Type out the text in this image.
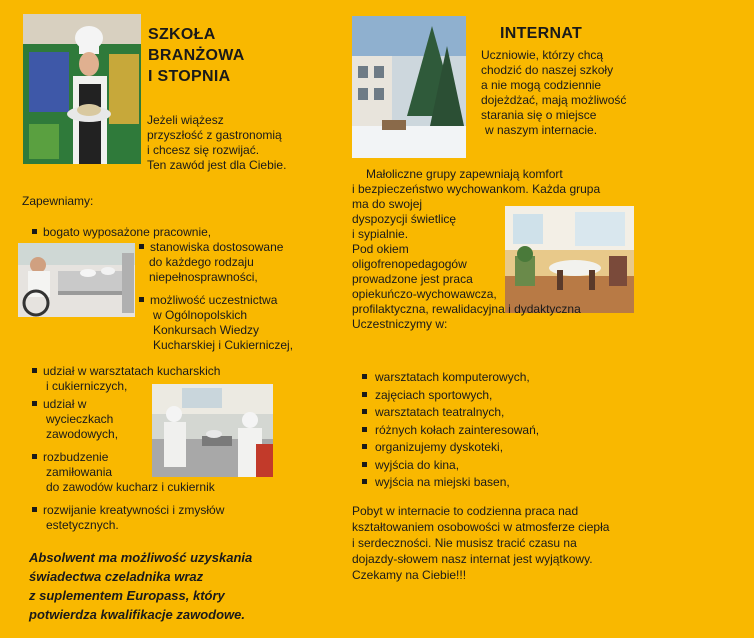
SZKOŁA
BRANŻOWA
I STOPNIA
Jeżeli wiążesz
przyszłość z gastronomią
i chcesz się rozwijać.
Ten zawód jest dla Ciebie.
Zapewniamy:
bogato wyposażone pracownie,
stanowiska dostosowane
do każdego rodzaju
niepełnosprawności,
możliwość uczestnictwa
w Ogólnopolskich
Konkursach Wiedzy
Kucharskiej i Cukierniczej,
udział w warsztatach kucharskich
i cukierniczych,
udział w
wycieczkach
zawodowych,
rozbudzenie
zamiłowania
do zawodów kucharz i cukiernik
rozwijanie kreatywności i zmysłów
estetycznych.
Absolwent ma możliwość uzyskania
świadectwa czeladnika wraz
z suplementem Europass, który
potwierdza kwalifikacje zawodowe.
INTERNAT
Uczniowie, którzy chcą
chodzić do naszej szkoły
a nie mogą codziennie
dojeżdżać, mają możliwość
starania się o miejsce
w naszym internacie.
Małoliczne grupy zapewniają komfort
i bezpieczeństwo wychowankom. Każda grupa
ma do swojej
dyspozycji świetlicę
i sypialnie.
Pod okiem
oligofrenopedagogów
prowadzone jest praca
opiekuńczo-wychowawcza,
profilaktyczna, rewalidacyjna i dydaktyczna
Uczestniczymy w:
warsztatach komputerowych,
zajęciach sportowych,
warsztatach teatralnych,
różnych kołach zainteresowań,
organizujemy dyskoteki,
wyjścia do kina,
wyjścia na miejski basen,
Pobyt w internacie to codzienna praca nad
kształtowaniem osobowości w atmosferze ciepła
i serdeczności. Nie musisz tracić czasu na
dojazdy-słowem nasz internat jest wyjątkowy.
Czekamy na Ciebie!!!
